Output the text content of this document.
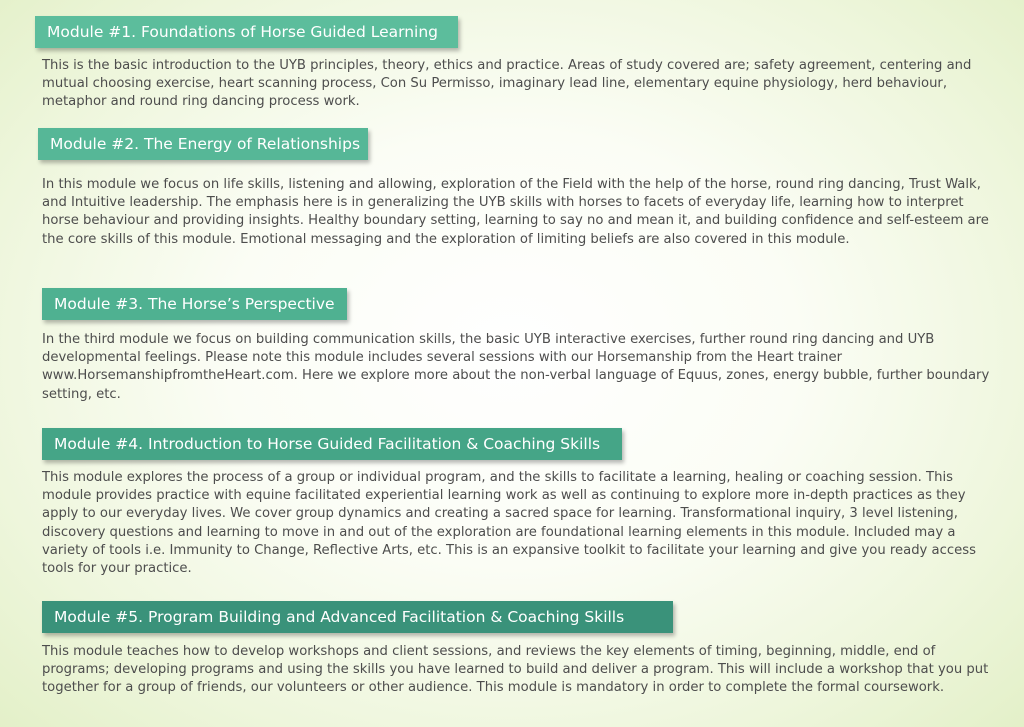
Module #1. Foundations of Horse Guided Learning

This is the basic introduction to the UYB principles, theory, ethics and practice. Areas of study covered are; safety agreement, centering and mutual choosing exercise, heart scanning process, Con Su Permisso, imaginary lead line, elementary equine physiology, herd behaviour, metaphor and round ring dancing process work.

Module #2. The Energy of Relationships

In this module we focus on life skills, listening and allowing, exploration of the Field with the help of the horse, round ring dancing, Trust Walk, and Intuitive leadership. The emphasis here is in generalizing the UYB skills with horses to facets of everyday life, learning how to interpret horse behaviour and providing insights. Healthy boundary setting, learning to say no and mean it, and building confidence and self-esteem are the core skills of this module. Emotional messaging and the exploration of limiting beliefs are also covered in this module.

Module #3. The Horse’s Perspective

In the third module we focus on building communication skills, the basic UYB interactive exercises, further round ring dancing and UYB developmental feelings. Please note this module includes several sessions with our Horsemanship from the Heart trainer www.HorsemanshipfromtheHeart.com. Here we explore more about the non-verbal language of Equus, zones, energy bubble, further boundary setting, etc.

Module #4. Introduction to Horse Guided Facilitation & Coaching Skills

This module explores the process of a group or individual program, and the skills to facilitate a learning, healing or coaching session. This module provides practice with equine facilitated experiential learning work as well as continuing to explore more in-depth practices as they apply to our everyday lives. We cover group dynamics and creating a sacred space for learning. Transformational inquiry, 3 level listening, discovery questions and learning to move in and out of the exploration are foundational learning elements in this module. Included may a variety of tools i.e. Immunity to Change, Reflective Arts, etc. This is an expansive toolkit to facilitate your learning and give you ready access tools for your practice.

Module #5. Program Building and Advanced Facilitation & Coaching Skills

This module teaches how to develop workshops and client sessions, and reviews the key elements of timing, beginning, middle, end of programs; developing programs and using the skills you have learned to build and deliver a program. This will include a workshop that you put together for a group of friends, our volunteers or other audience. This module is mandatory in order to complete the formal coursework.
